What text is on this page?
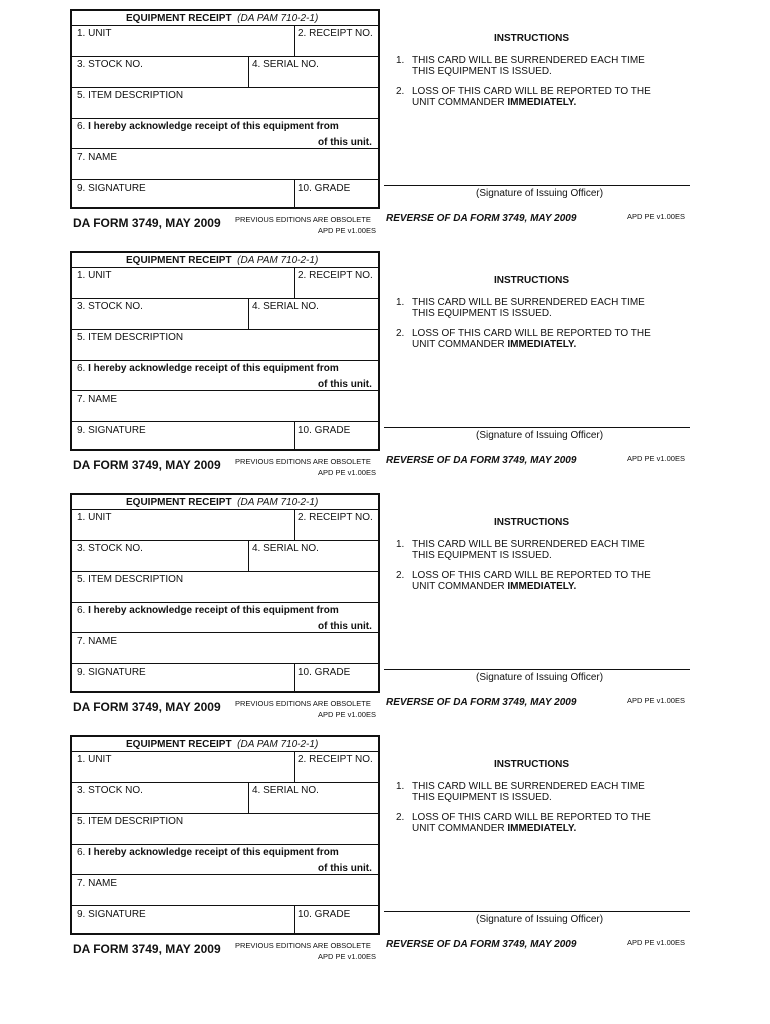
EQUIPMENT RECEIPT (DA PAM 710-2-1)
1. UNIT	2. RECEIPT NO.
3. STOCK NO.	4. SERIAL NO.
5. ITEM DESCRIPTION
6. I hereby acknowledge receipt of this equipment from
of this unit.
7. NAME
9. SIGNATURE	10. GRADE
DA FORM 3749, MAY 2009 PREVIOUS EDITIONS ARE OBSOLETE
APD PE v1.00ES
INSTRUCTIONS
1. THIS CARD WILL BE SURRENDERED EACH TIME
THIS EQUIPMENT IS ISSUED.
2. LOSS OF THIS CARD WILL BE REPORTED TO THE
UNIT COMMANDER IMMEDIATELY.
(Signature of Issuing Officer)
REVERSE OF DA FORM 3749, MAY 2009	APD PE v1.00ES
EQUIPMENT RECEIPT (DA PAM 710-2-1)
1. UNIT	2. RECEIPT NO.
3. STOCK NO.	4. SERIAL NO.
5. ITEM DESCRIPTION
6. I hereby acknowledge receipt of this equipment from
of this unit.
7. NAME
9. SIGNATURE	10. GRADE
DA FORM 3749, MAY 2009 PREVIOUS EDITIONS ARE OBSOLETE
APD PE v1.00ES
INSTRUCTIONS
1. THIS CARD WILL BE SURRENDERED EACH TIME
THIS EQUIPMENT IS ISSUED.
2. LOSS OF THIS CARD WILL BE REPORTED TO THE
UNIT COMMANDER IMMEDIATELY.
(Signature of Issuing Officer)
REVERSE OF DA FORM 3749, MAY 2009	APD PE v1.00ES
EQUIPMENT RECEIPT (DA PAM 710-2-1)
1. UNIT	2. RECEIPT NO.
3. STOCK NO.	4. SERIAL NO.
5. ITEM DESCRIPTION
6. I hereby acknowledge receipt of this equipment from
of this unit.
7. NAME
9. SIGNATURE	10. GRADE
DA FORM 3749, MAY 2009 PREVIOUS EDITIONS ARE OBSOLETE
APD PE v1.00ES
INSTRUCTIONS
1. THIS CARD WILL BE SURRENDERED EACH TIME
THIS EQUIPMENT IS ISSUED.
2. LOSS OF THIS CARD WILL BE REPORTED TO THE
UNIT COMMANDER IMMEDIATELY.
(Signature of Issuing Officer)
REVERSE OF DA FORM 3749, MAY 2009	APD PE v1.00ES
EQUIPMENT RECEIPT (DA PAM 710-2-1)
1. UNIT	2. RECEIPT NO.
3. STOCK NO.	4. SERIAL NO.
5. ITEM DESCRIPTION
6. I hereby acknowledge receipt of this equipment from
of this unit.
7. NAME
9. SIGNATURE	10. GRADE
DA FORM 3749, MAY 2009 PREVIOUS EDITIONS ARE OBSOLETE
APD PE v1.00ES
INSTRUCTIONS
1. THIS CARD WILL BE SURRENDERED EACH TIME
THIS EQUIPMENT IS ISSUED.
2. LOSS OF THIS CARD WILL BE REPORTED TO THE
UNIT COMMANDER IMMEDIATELY.
(Signature of Issuing Officer)
REVERSE OF DA FORM 3749, MAY 2009	APD PE v1.00ES
